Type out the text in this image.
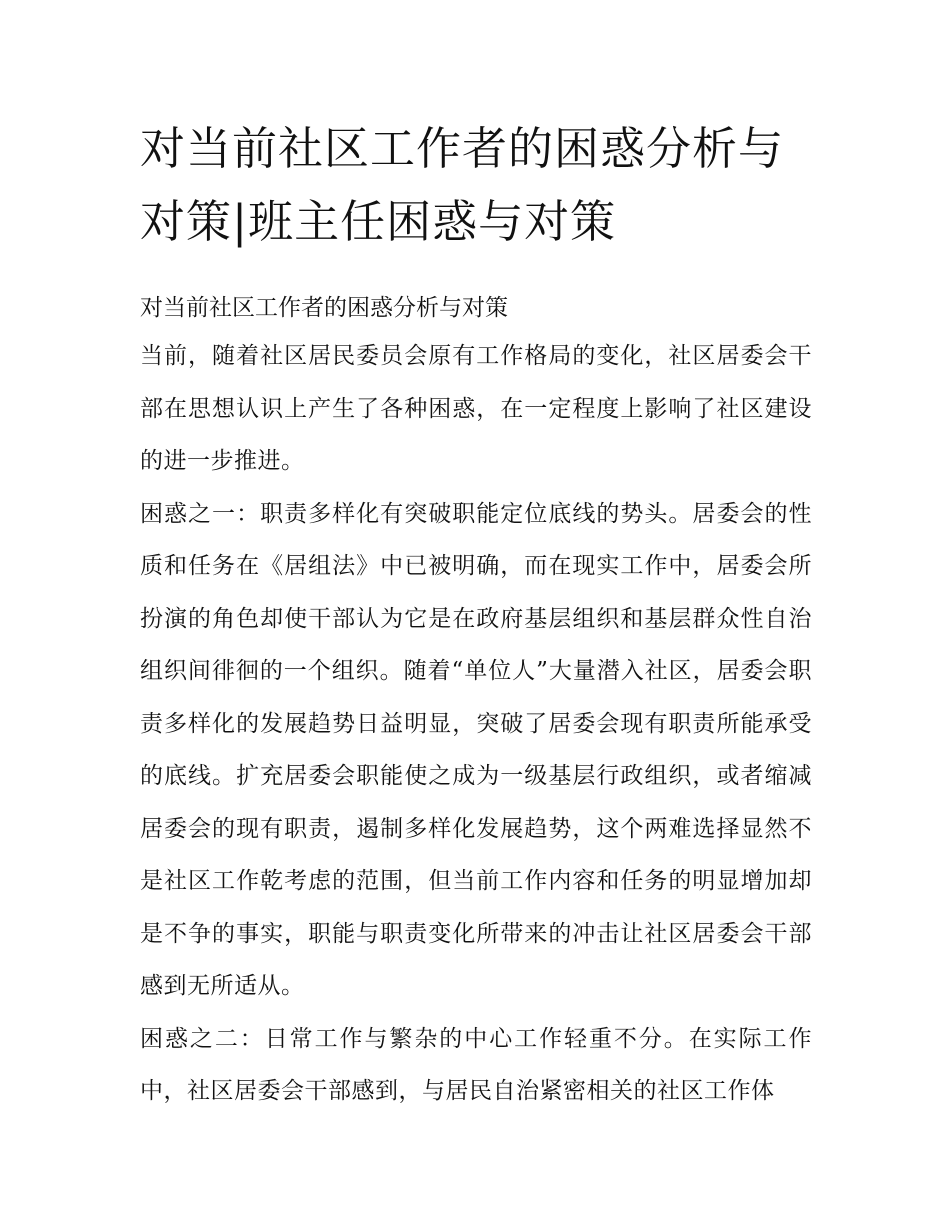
对当前社区工作者的困惑分析与对策|班主任困惑与对策

对当前社区工作者的困惑分析与对策

当前，随着社区居民委员会原有工作格局的变化，社区居委会干部在思想认识上产生了各种困惑，在一定程度上影响了社区建设的进一步推进。

困惑之一：职责多样化有突破职能定位底线的势头。居委会的性质和任务在《居组法》中已被明确，而在现实工作中，居委会所扮演的角色却使干部认为它是在政府基层组织和基层群众性自治组织间徘徊的一个组织。随着“单位人”大量潜入社区，居委会职责多样化的发展趋势日益明显，突破了居委会现有职责所能承受的底线。扩充居委会职能使之成为一级基层行政组织，或者缩减居委会的现有职责，遏制多样化发展趋势，这个两难选择显然不是社区工作乾考虑的范围，但当前工作内容和任务的明显增加却是不争的事实，职能与职责变化所带来的冲击让社区居委会干部感到无所适从。

困惑之二：日常工作与繁杂的中心工作轻重不分。在实际工作中，社区居委会干部感到，与居民自治紧密相关的社区工作体
